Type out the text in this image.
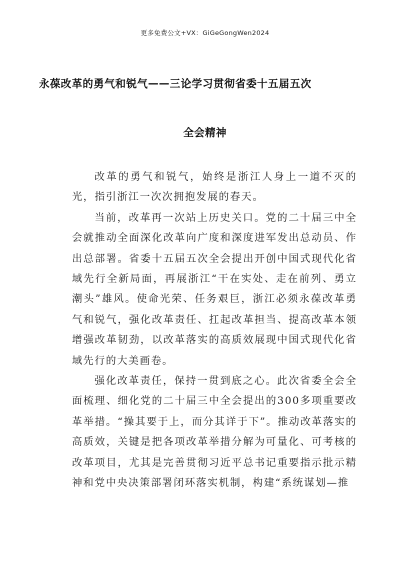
更多免费公文+VX：GiGeGongWen2024
永葆改革的勇气和锐气——三论学习贯彻省委十五届五次
全会精神

改革的勇气和锐气，始终是浙江人身上一道不灭的光，指引浙江一次次拥抱发展的春天。

当前，改革再一次站上历史关口。党的二十届三中全会就推动全面深化改革向广度和深度进军发出总动员、作出总部署。省委十五届五次全会提出开创中国式现代化省域先行全新局面，再展浙江“干在实处、走在前列、勇立潮头”雄风。使命光荣、任务艰巨，浙江必须永葆改革勇气和锐气，强化改革责任、扛起改革担当、提高改革本领增强改革韧劲，以改革落实的高质效展现中国式现代化省域先行的大美画卷。

强化改革责任，保持一贯到底之心。此次省委全会全面梳理、细化党的二十届三中全会提出的300多项重要改革举措。“操其要于上，而分其详于下”。推动改革落实的高质效，关键是把各项改革举措分解为可量化、可考核的改革项目，尤其是完善贯彻习近平总书记重要指示批示精神和党中央决策部署闭环落实机制，构建“系统谋划—推
